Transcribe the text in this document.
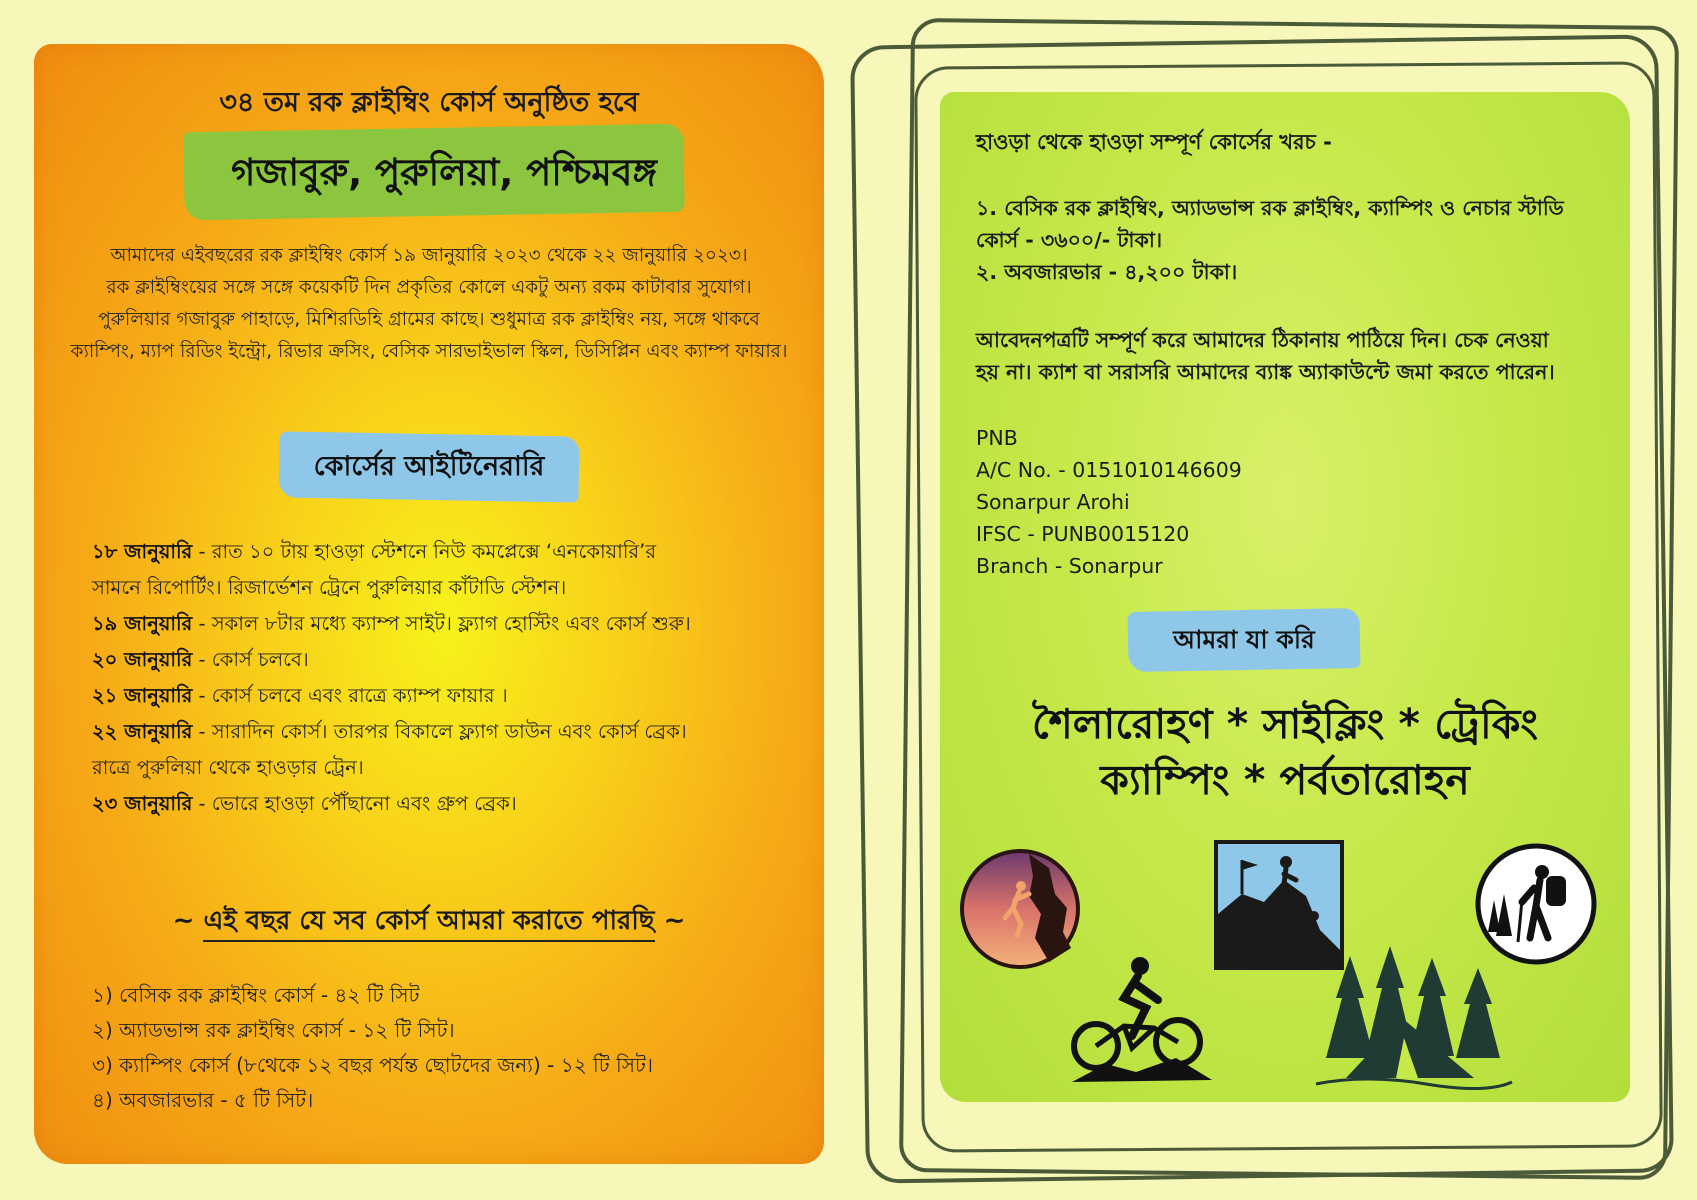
৩৪ তম রক ক্লাইম্বিং কোর্স অনুষ্ঠিত হবে
গজাবুরু, পুরুলিয়া, পশ্চিমবঙ্গ
আমাদের এইবছরের রক ক্লাইম্বিং কোর্স ১৯ জানুয়ারি ২০২৩ থেকে ২২ জানুয়ারি ২০২৩।
রক ক্লাইম্বিংয়ের সঙ্গে সঙ্গে কয়েকটি দিন প্রকৃতির কোলে একটু অন্য রকম কাটাবার সুযোগ।
পুরুলিয়ার গজাবুরু পাহাড়ে, মিশিরডিহি গ্রামের কাছে। শুধুমাত্র রক ক্লাইম্বিং নয়, সঙ্গে থাকবে
ক্যাম্পিং, ম্যাপ রিডিং ইন্ট্রো, রিভার ক্রসিং, বেসিক সারভাইভাল স্কিল, ডিসিপ্লিন এবং ক্যাম্প ফায়ার।
কোর্সের আইটিনেরারি
১৮ জানুয়ারি - রাত ১০ টায় হাওড়া স্টেশনে নিউ কমপ্লেক্সে ‘এনকোয়ারি’র
সামনে রিপোর্টিং। রিজার্ভেশন ট্রেনে পুরুলিয়ার কাঁটাডি স্টেশন।
১৯ জানুয়ারি - সকাল ৮টার মধ্যে ক্যাম্প সাইট। ফ্ল্যাগ হোস্টিং এবং কোর্স শুরু।
২০ জানুয়ারি - কোর্স চলবে।
২১ জানুয়ারি - কোর্স চলবে এবং রাত্রে ক্যাম্প ফায়ার ।
২২ জানুয়ারি - সারাদিন কোর্স। তারপর বিকালে ফ্ল্যাগ ডাউন এবং কোর্স ব্রেক।
রাত্রে পুরুলিয়া থেকে হাওড়ার ট্রেন।
২৩ জানুয়ারি - ভোরে হাওড়া পৌঁছানো এবং গ্রুপ ব্রেক।
~ এই বছর যে সব কোর্স আমরা করাতে পারছি ~
১) বেসিক রক ক্লাইম্বিং কোর্স - ৪২ টি সিট
২) অ্যাডভান্স রক ক্লাইম্বিং কোর্স - ১২ টি সিট।
৩) ক্যাম্পিং কোর্স (৮থেকে ১২ বছর পর্যন্ত ছোটদের জন্য) - ১২ টি সিট।
৪) অবজারভার - ৫ টি সিট।
হাওড়া থেকে হাওড়া সম্পূর্ণ কোর্সের খরচ -
১. বেসিক রক ক্লাইম্বিং, অ্যাডভান্স রক ক্লাইম্বিং, ক্যাম্পিং ও নেচার স্টাডি
কোর্স - ৩৬০০/- টাকা।
২. অবজারভার - ৪,২০০ টাকা।
আবেদনপত্রটি সম্পূর্ণ করে আমাদের ঠিকানায় পাঠিয়ে দিন। চেক নেওয়া
হয় না। ক্যাশ বা সরাসরি আমাদের ব্যাঙ্ক অ্যাকাউন্টে জমা করতে পারেন।
PNB
A/C No. - 0151010146609
Sonarpur Arohi
IFSC - PUNB0015120
Branch - Sonarpur
আমরা যা করি
শৈলারোহণ * সাইক্লিং * ট্রেকিং
ক্যাম্পিং * পর্বতারোহন
